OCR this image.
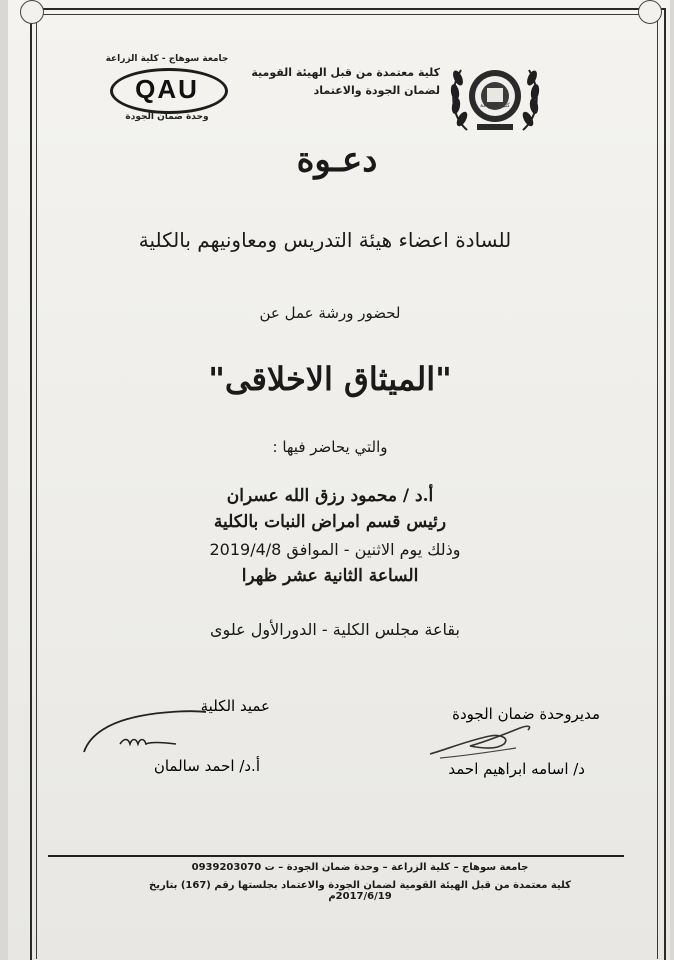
جامعة سوهاج - كلية الزراعة
QAU
وحدة ضمان الجودة
كلية معتمدة من قبل الهيئة القومية
لضمان الجودة والاعتماد
كلية الزراعة
دعـوة
للسادة اعضاء هيئة التدريس ومعاونيهم بالكلية
لحضور ورشة عمل عن
"الميثاق الاخلاقى"
والتي يحاضر فيها :
أ.د / محمود رزق الله عسران
رئيس قسم امراض النبات بالكلية
وذلك يوم الاثنين - الموافق 2019/4/8
الساعة الثانية عشر ظهرا
بقاعة مجلس الكلية - الدورالأول علوى
مديروحدة ضمان الجودة
د/ اسامه ابراهيم احمد
عميد الكلية
أ.د/ احمد سالمان
جامعة سوهاج – كلية الزراعة – وحدة ضمان الجودة – ت 0939203070
كلية معتمدة من قبل الهيئة القومية لضمان الجودة والاعتماد بجلستها رقم (167) بتاريخ 2017/6/19م
